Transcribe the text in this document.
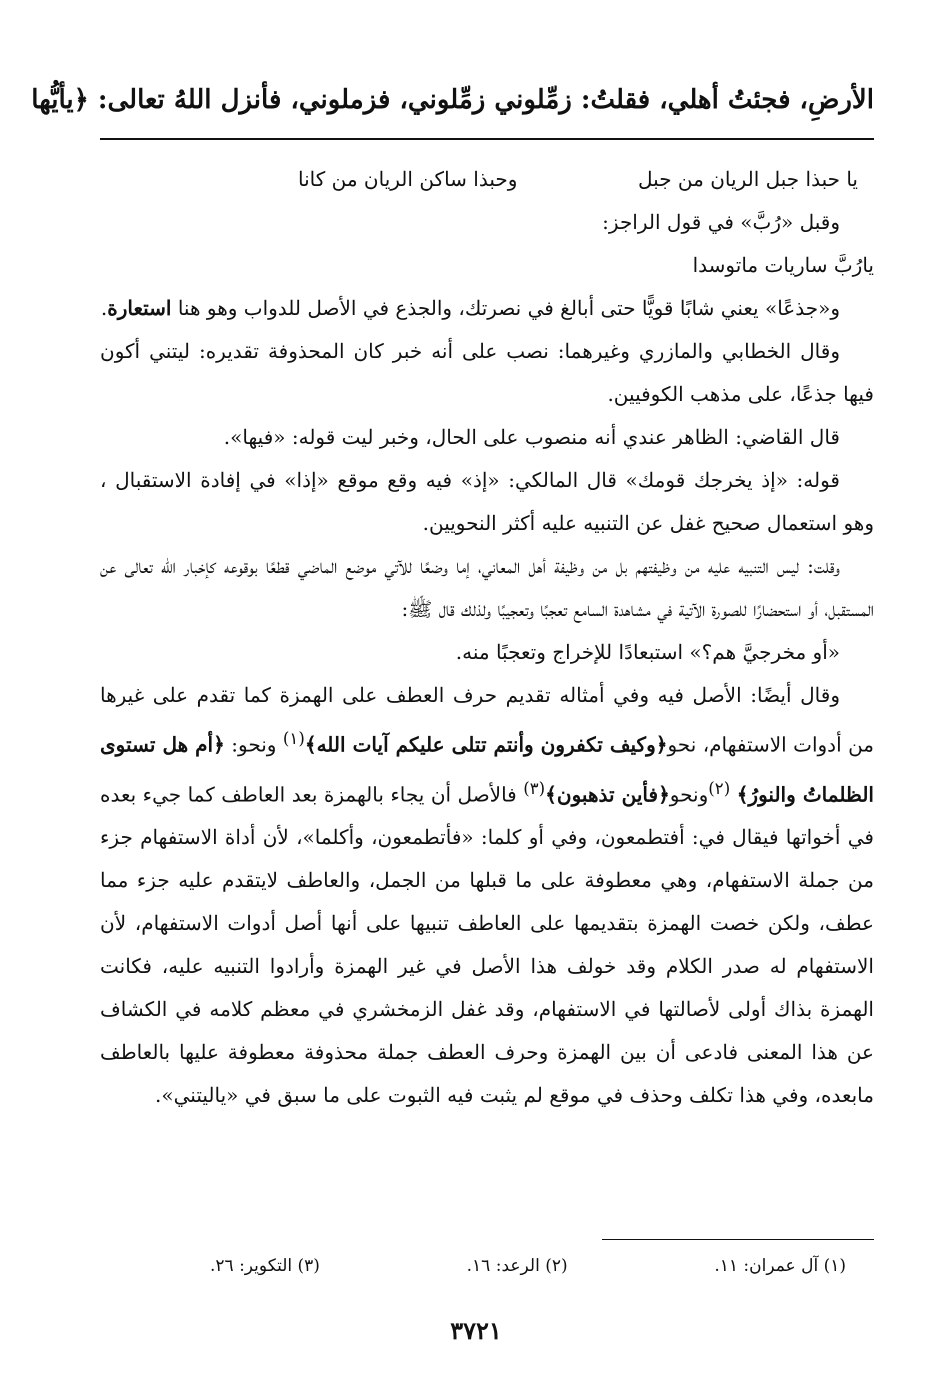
الأرضِ، فجئتُ أهلي، فقلتُ: زمِّلوني زمِّلوني، فزملوني، فأنزل اللهُ تعالى: ﴿يأيُّها
يا حبذا جبل الريان من جبل
وحبذا ساكن الريان من كانا

وقبل «رُبَّ» في قول الراجز:

يارُبَّ ساريات ماتوسدا

و«جذعًا» يعني شابًا قويًّا حتى أبالغ في نصرتك، والجذع في الأصل للدواب وهو هنا استعارة.

وقال الخطابي والمازري وغيرهما: نصب على أنه خبر كان المحذوفة تقديره: ليتني أكون فيها جذعًا، على مذهب الكوفيين.

قال القاضي: الظاهر عندي أنه منصوب على الحال، وخبر ليت قوله: «فيها».

قوله: «إذ يخرجك قومك» قال المالكي: «إذ» فيه وقع موقع «إذا» في إفادة الاستقبال ، وهو استعمال صحيح غفل عن التنبيه عليه أكثر النحويين.

وقلت: ليس التنبيه عليه من وظيفتهم بل من وظيفة أهل المعاني، إما وضعًا للآتي موضع الماضي قطعًا بوقوعه كإخبار الله تعالى عن المستقبل، أو استحضارًا للصورة الآتية في مشاهدة السامع تعجبًا وتعجيبًا ولذلك قال ﷺ:

«أو مخرجيَّ هم؟» استبعادًا للإخراج وتعجبًا منه.

وقال أيضًا: الأصل فيه وفي أمثاله تقديم حرف العطف على الهمزة كما تقدم على غيرها من أدوات الاستفهام، نحو﴿وكيف تكفرون وأنتم تتلى عليكم آيات الله﴾$^{(١)}$ ونحو: ﴿أم هل تستوى الظلماتُ والنورُ﴾ $^{(٢)}$ونحو﴿فأين تذهبون﴾$^{(٣)}$ فالأصل أن يجاء بالهمزة بعد العاطف كما جيء بعده في أخواتها فيقال في: أفتطمعون، وفي أو كلما: «فأتطمعون، وأكلما»، لأن أداة الاستفهام جزء من جملة الاستفهام، وهي معطوفة على ما قبلها من الجمل، والعاطف لايتقدم عليه جزء مما عطف، ولكن خصت الهمزة بتقديمها على العاطف تنبيها على أنها أصل أدوات الاستفهام، لأن الاستفهام له صدر الكلام وقد خولف هذا الأصل في غير الهمزة وأرادوا التنبيه عليه، فكانت الهمزة بذاك أولى لأصالتها في الاستفهام، وقد غفل الزمخشري في معظم كلامه في الكشاف عن هذا المعنى فادعى أن بين الهمزة وحرف العطف جملة محذوفة معطوفة عليها بالعاطف مابعده، وفي هذا تكلف وحذف في موقع لم يثبت فيه الثبوت على ما سبق في «ياليتني».

(١) آل عمران: ١١.
(٢) الرعد: ١٦.
(٣) التكوير: ٢٦.
٣٧٢١
